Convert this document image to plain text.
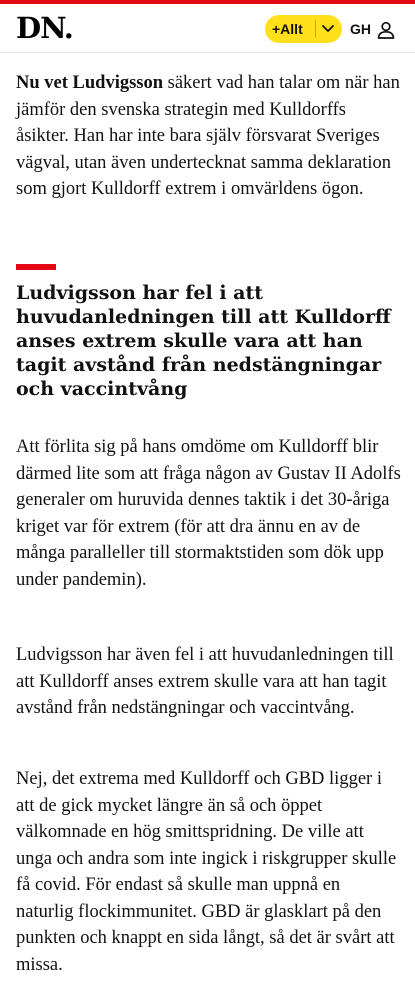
DN.	+Allt	GH

Nu vet Ludvigsson säkert vad han talar om när han jämför den svenska strategin med Kulldorffs åsikter. Han har inte bara själv försvarat Sveriges vägval, utan även undertecknat samma deklaration som gjort Kulldorff extrem i omvärldens ögon.

Ludvigsson har fel i att huvudanledningen till att Kulldorff anses extrem skulle vara att han tagit avstånd från nedstängningar och vaccintvång

Att förlita sig på hans omdöme om Kulldorff blir därmed lite som att fråga någon av Gustav II Adolfs generaler om huruvida dennes taktik i det 30-åriga kriget var för extrem (för att dra ännu en av de många paralleller till stormaktstiden som dök upp under pandemin).

Ludvigsson har även fel i att huvudanledningen till att Kulldorff anses extrem skulle vara att han tagit avstånd från nedstängningar och vaccintvång.

Nej, det extrema med Kulldorff och GBD ligger i att de gick mycket längre än så och öppet välkomnade en hög smittspridning. De ville att unga och andra som inte ingick i riskgrupper skulle få covid. För endast så skulle man uppnå en naturlig flockimmunitet. GBD är glasklart på den punkten och knappt en sida långt, så det är svårt att missa.
